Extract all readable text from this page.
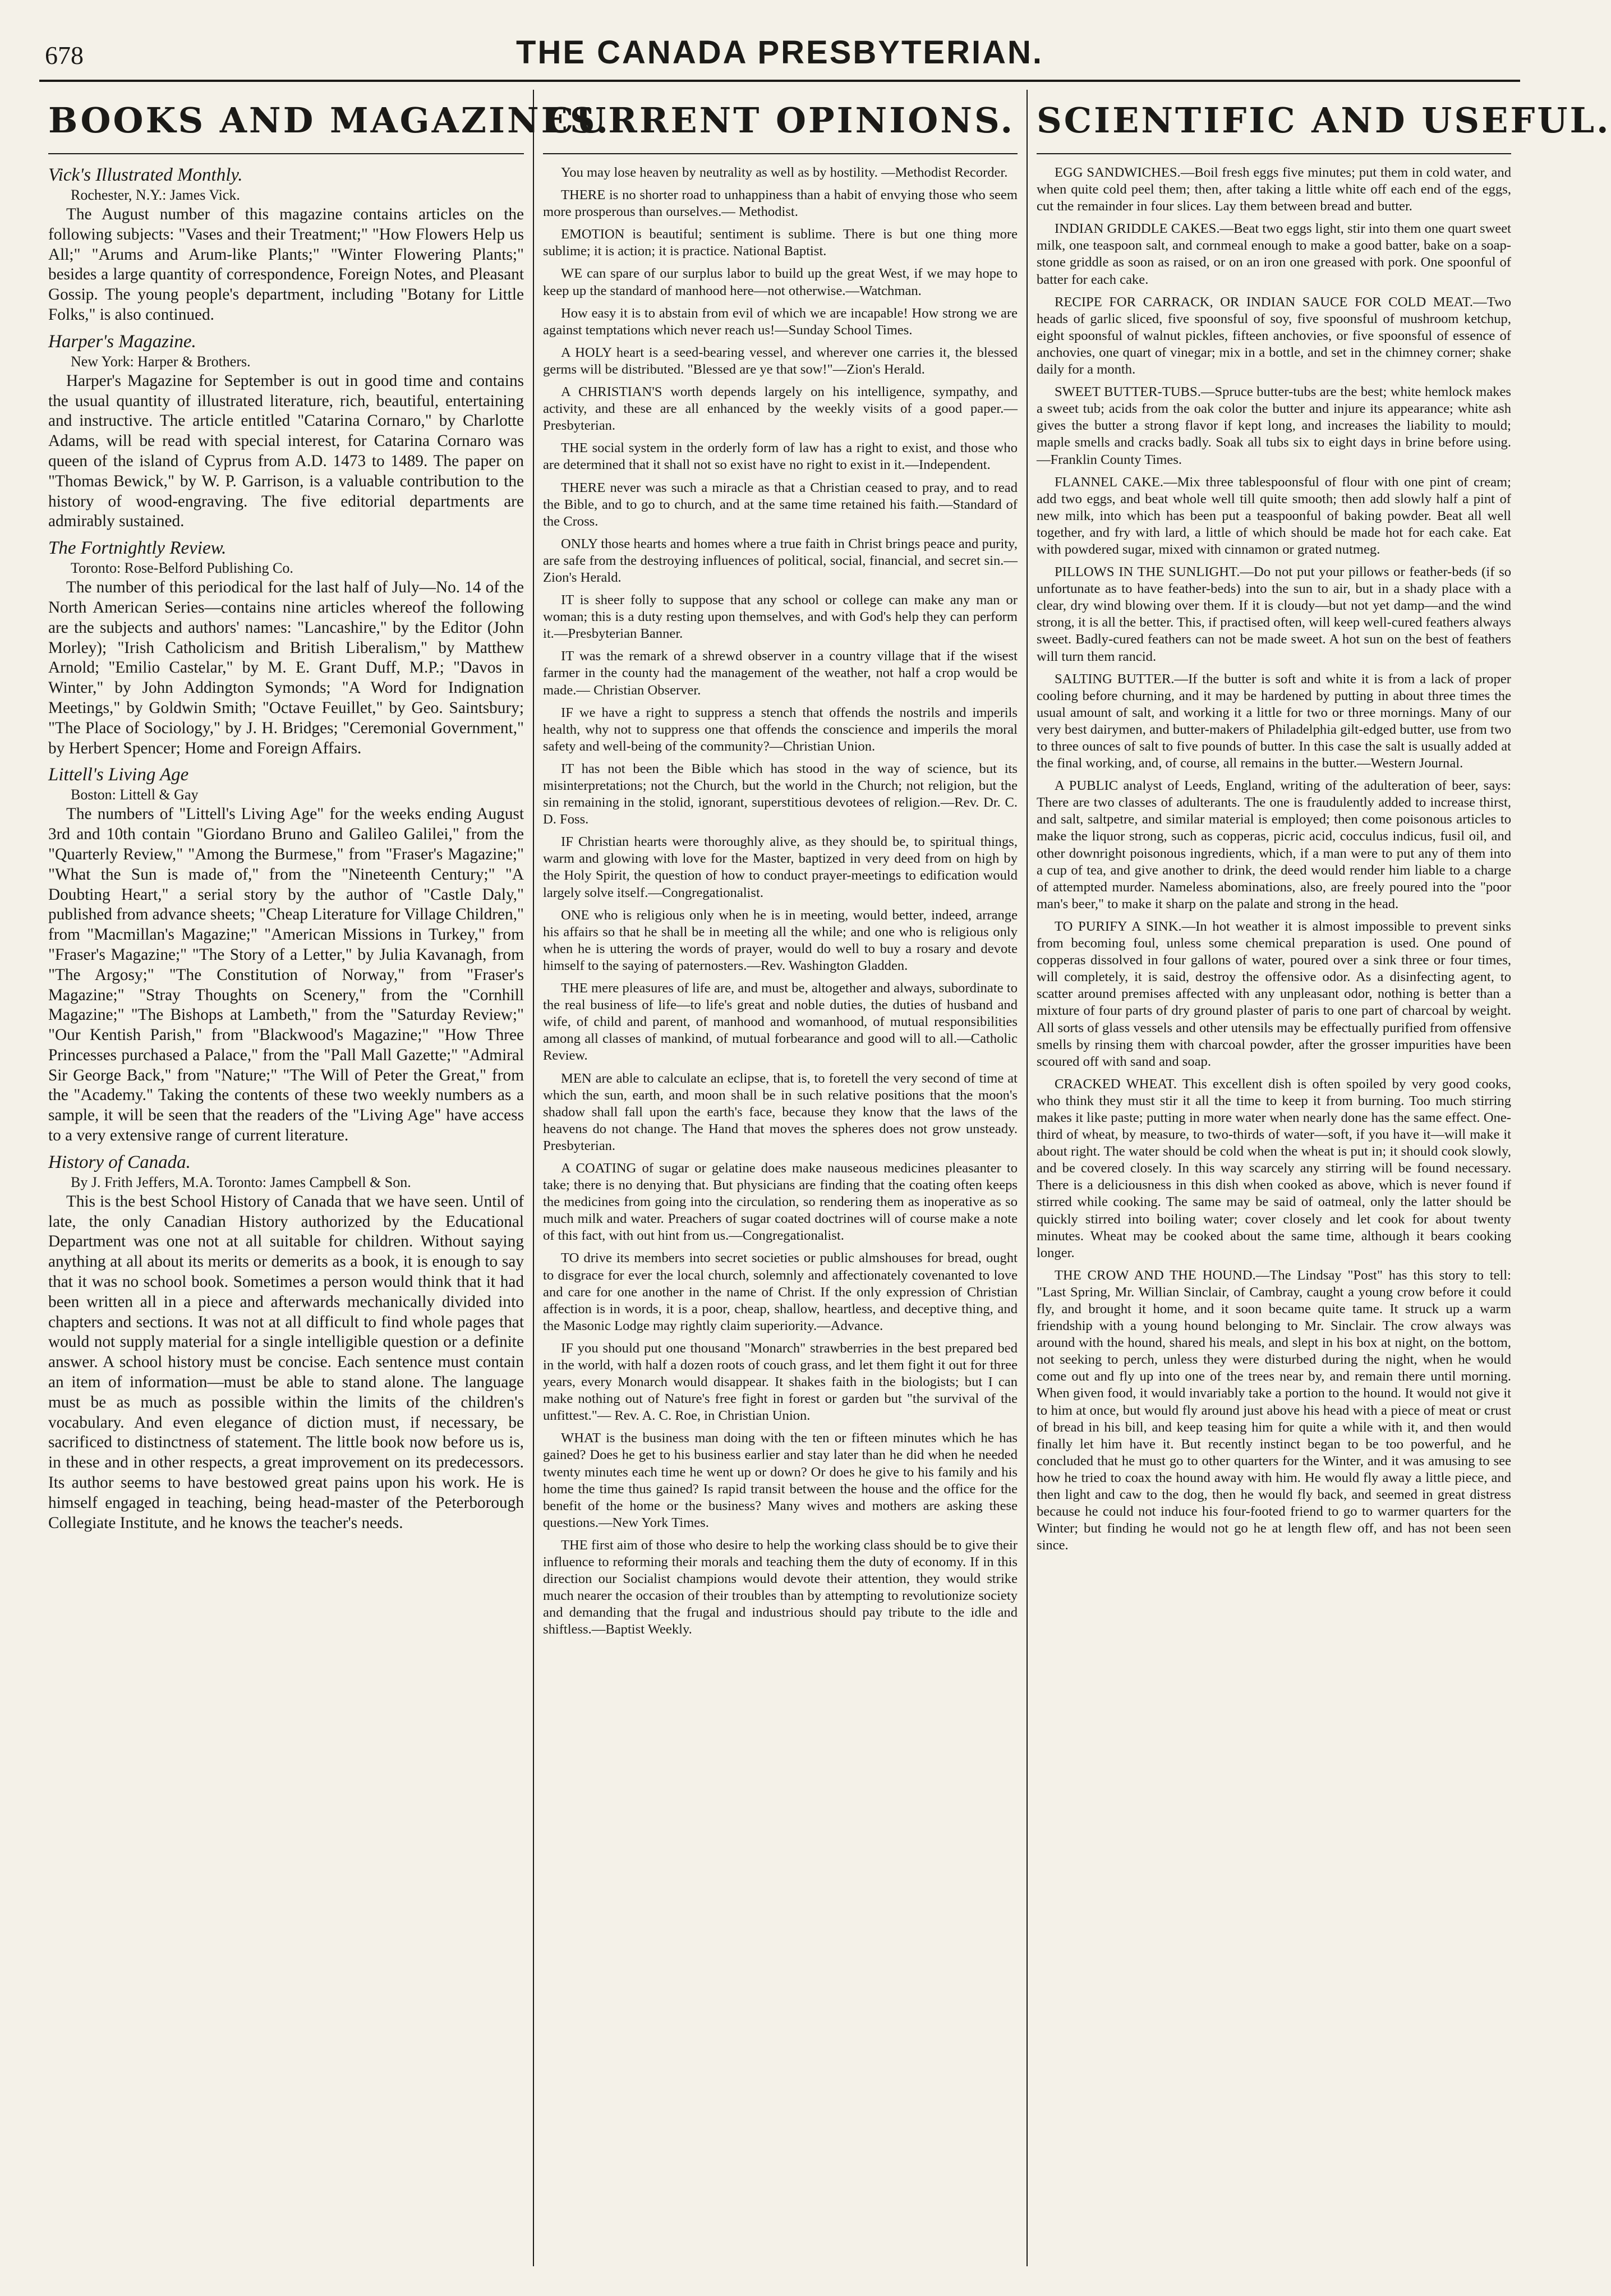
678	THE CANADA PRESBYTERIAN.
BOOKS AND MAGAZINES.

Vick's Illustrated Monthly.

Rochester, N.Y.: James Vick.

The August number of this magazine contains articles on the following subjects: "Vases and their Treatment;" "How Flowers Help us All;" "Arums and Arum-like Plants;" "Winter Flowering Plants;" besides a large quantity of correspondence, Foreign Notes, and Pleasant Gossip. The young people's department, including "Botany for Little Folks," is also continued.

Harper's Magazine.

New York: Harper & Brothers.

Harper's Magazine for September is out in good time and contains the usual quantity of illustrated literature, rich, beautiful, entertaining and instructive. The article entitled "Catarina Cornaro," by Charlotte Adams, will be read with special interest, for Catarina Cornaro was queen of the island of Cyprus from A.D. 1473 to 1489. The paper on "Thomas Bewick," by W. P. Garrison, is a valuable contribution to the history of wood-engraving. The five editorial departments are admirably sustained.

The Fortnightly Review.

Toronto: Rose-Belford Publishing Co.

The number of this periodical for the last half of July—No. 14 of the North American Series—contains nine articles whereof the following are the subjects and authors' names: "Lancashire," by the Editor (John Morley); "Irish Catholicism and British Liberalism," by Matthew Arnold; "Emilio Castelar," by M. E. Grant Duff, M.P.; "Davos in Winter," by John Addington Symonds; "A Word for Indignation Meetings," by Goldwin Smith; "Octave Feuillet," by Geo. Saintsbury; "The Place of Sociology," by J. H. Bridges; "Ceremonial Government," by Herbert Spencer; Home and Foreign Affairs.

Littell's Living Age

Boston: Littell & Gay

The numbers of "Littell's Living Age" for the weeks ending August 3rd and 10th contain "Giordano Bruno and Galileo Galilei," from the "Quarterly Review," "Among the Burmese," from "Fraser's Magazine;" "What the Sun is made of," from the "Nineteenth Century;" "A Doubting Heart," a serial story by the author of "Castle Daly," published from advance sheets; "Cheap Literature for Village Children," from "Macmillan's Magazine;" "American Missions in Turkey," from "Fraser's Magazine;" "The Story of a Letter," by Julia Kavanagh, from "The Argosy;" "The Constitution of Norway," from "Fraser's Magazine;" "Stray Thoughts on Scenery," from the "Cornhill Magazine;" "The Bishops at Lambeth," from the "Saturday Review;" "Our Kentish Parish," from "Blackwood's Magazine;" "How Three Princesses purchased a Palace," from the "Pall Mall Gazette;" "Admiral Sir George Back," from "Nature;" "The Will of Peter the Great," from the "Academy." Taking the contents of these two weekly numbers as a sample, it will be seen that the readers of the "Living Age" have access to a very extensive range of current literature.

History of Canada.

By J. Frith Jeffers, M.A. Toronto: James Campbell & Son.

This is the best School History of Canada that we have seen. Until of late, the only Canadian History authorized by the Educational Department was one not at all suitable for children. Without saying anything at all about its merits or demerits as a book, it is enough to say that it was no school book. Sometimes a person would think that it had been written all in a piece and afterwards mechanically divided into chapters and sections. It was not at all difficult to find whole pages that would not supply material for a single intelligible question or a definite answer. A school history must be concise. Each sentence must contain an item of information—must be able to stand alone. The language must be as much as possible within the limits of the children's vocabulary. And even elegance of diction must, if necessary, be sacrificed to distinctness of statement. The little book now before us is, in these and in other respects, a great improvement on its predecessors. Its author seems to have bestowed great pains upon his work. He is himself engaged in teaching, being head-master of the Peterborough Collegiate Institute, and he knows the teacher's needs.

CURRENT OPINIONS.

You may lose heaven by neutrality as well as by hostility. —Methodist Recorder.

THERE is no shorter road to unhappiness than a habit of envying those who seem more prosperous than ourselves.— Methodist.

EMOTION is beautiful; sentiment is sublime. There is but one thing more sublime; it is action; it is practice. National Baptist.

WE can spare of our surplus labor to build up the great West, if we may hope to keep up the standard of manhood here—not otherwise.—Watchman.

How easy it is to abstain from evil of which we are incapable! How strong we are against temptations which never reach us!—Sunday School Times.

A HOLY heart is a seed-bearing vessel, and wherever one carries it, the blessed germs will be distributed. "Blessed are ye that sow!"—Zion's Herald.

A CHRISTIAN'S worth depends largely on his intelligence, sympathy, and activity, and these are all enhanced by the weekly visits of a good paper.—Presbyterian.

THE social system in the orderly form of law has a right to exist, and those who are determined that it shall not so exist have no right to exist in it.—Independent.

THERE never was such a miracle as that a Christian ceased to pray, and to read the Bible, and to go to church, and at the same time retained his faith.—Standard of the Cross.

ONLY those hearts and homes where a true faith in Christ brings peace and purity, are safe from the destroying influences of political, social, financial, and secret sin.—Zion's Herald.

IT is sheer folly to suppose that any school or college can make any man or woman; this is a duty resting upon themselves, and with God's help they can perform it.—Presbyterian Banner.

IT was the remark of a shrewd observer in a country village that if the wisest farmer in the county had the management of the weather, not half a crop would be made.— Christian Observer.

IF we have a right to suppress a stench that offends the nostrils and imperils health, why not to suppress one that offends the conscience and imperils the moral safety and well-being of the community?—Christian Union.

IT has not been the Bible which has stood in the way of science, but its misinterpretations; not the Church, but the world in the Church; not religion, but the sin remaining in the stolid, ignorant, superstitious devotees of religion.—Rev. Dr. C. D. Foss.

IF Christian hearts were thoroughly alive, as they should be, to spiritual things, warm and glowing with love for the Master, baptized in very deed from on high by the Holy Spirit, the question of how to conduct prayer-meetings to edification would largely solve itself.—Congregationalist.

ONE who is religious only when he is in meeting, would better, indeed, arrange his affairs so that he shall be in meeting all the while; and one who is religious only when he is uttering the words of prayer, would do well to buy a rosary and devote himself to the saying of paternosters.—Rev. Washington Gladden.

THE mere pleasures of life are, and must be, altogether and always, subordinate to the real business of life—to life's great and noble duties, the duties of husband and wife, of child and parent, of manhood and womanhood, of mutual responsibilities among all classes of mankind, of mutual forbearance and good will to all.—Catholic Review.

MEN are able to calculate an eclipse, that is, to foretell the very second of time at which the sun, earth, and moon shall be in such relative positions that the moon's shadow shall fall upon the earth's face, because they know that the laws of the heavens do not change. The Hand that moves the spheres does not grow unsteady. Presbyterian.

A COATING of sugar or gelatine does make nauseous medicines pleasanter to take; there is no denying that. But physicians are finding that the coating often keeps the medicines from going into the circulation, so rendering them as inoperative as so much milk and water. Preachers of sugar coated doctrines will of course make a note of this fact, with out hint from us.—Congregationalist.

TO drive its members into secret societies or public almshouses for bread, ought to disgrace for ever the local church, solemnly and affectionately covenanted to love and care for one another in the name of Christ. If the only expression of Christian affection is in words, it is a poor, cheap, shallow, heartless, and deceptive thing, and the Masonic Lodge may rightly claim superiority.—Advance.

IF you should put one thousand "Monarch" strawberries in the best prepared bed in the world, with half a dozen roots of couch grass, and let them fight it out for three years, every Monarch would disappear. It shakes faith in the biologists; but I can make nothing out of Nature's free fight in forest or garden but "the survival of the unfittest."— Rev. A. C. Roe, in Christian Union.

WHAT is the business man doing with the ten or fifteen minutes which he has gained? Does he get to his business earlier and stay later than he did when he needed twenty minutes each time he went up or down? Or does he give to his family and his home the time thus gained? Is rapid transit between the house and the office for the benefit of the home or the business? Many wives and mothers are asking these questions.—New York Times.

THE first aim of those who desire to help the working class should be to give their influence to reforming their morals and teaching them the duty of economy. If in this direction our Socialist champions would devote their attention, they would strike much nearer the occasion of their troubles than by attempting to revolutionize society and demanding that the frugal and industrious should pay tribute to the idle and shiftless.—Baptist Weekly.

SCIENTIFIC AND USEFUL.

EGG SANDWICHES.—Boil fresh eggs five minutes; put them in cold water, and when quite cold peel them; then, after taking a little white off each end of the eggs, cut the remainder in four slices. Lay them between bread and butter.

INDIAN GRIDDLE CAKES.—Beat two eggs light, stir into them one quart sweet milk, one teaspoon salt, and cornmeal enough to make a good batter, bake on a soap-stone griddle as soon as raised, or on an iron one greased with pork. One spoonful of batter for each cake.

RECIPE FOR CARRACK, OR INDIAN SAUCE FOR COLD MEAT.—Two heads of garlic sliced, five spoonsful of soy, five spoonsful of mushroom ketchup, eight spoonsful of walnut pickles, fifteen anchovies, or five spoonsful of essence of anchovies, one quart of vinegar; mix in a bottle, and set in the chimney corner; shake daily for a month.

SWEET BUTTER-TUBS.—Spruce butter-tubs are the best; white hemlock makes a sweet tub; acids from the oak color the butter and injure its appearance; white ash gives the butter a strong flavor if kept long, and increases the liability to mould; maple smells and cracks badly. Soak all tubs six to eight days in brine before using.—Franklin County Times.

FLANNEL CAKE.—Mix three tablespoonsful of flour with one pint of cream; add two eggs, and beat whole well till quite smooth; then add slowly half a pint of new milk, into which has been put a teaspoonful of baking powder. Beat all well together, and fry with lard, a little of which should be made hot for each cake. Eat with powdered sugar, mixed with cinnamon or grated nutmeg.

PILLOWS IN THE SUNLIGHT.—Do not put your pillows or feather-beds (if so unfortunate as to have feather-beds) into the sun to air, but in a shady place with a clear, dry wind blowing over them. If it is cloudy—but not yet damp—and the wind strong, it is all the better. This, if practised often, will keep well-cured feathers always sweet. Badly-cured feathers can not be made sweet. A hot sun on the best of feathers will turn them rancid.

SALTING BUTTER.—If the butter is soft and white it is from a lack of proper cooling before churning, and it may be hardened by putting in about three times the usual amount of salt, and working it a little for two or three mornings. Many of our very best dairymen, and butter-makers of Philadelphia gilt-edged butter, use from two to three ounces of salt to five pounds of butter. In this case the salt is usually added at the final working, and, of course, all remains in the butter.—Western Journal.

A PUBLIC analyst of Leeds, England, writing of the adulteration of beer, says: There are two classes of adulterants. The one is fraudulently added to increase thirst, and salt, saltpetre, and similar material is employed; then come poisonous articles to make the liquor strong, such as copperas, picric acid, cocculus indicus, fusil oil, and other downright poisonous ingredients, which, if a man were to put any of them into a cup of tea, and give another to drink, the deed would render him liable to a charge of attempted murder. Nameless abominations, also, are freely poured into the "poor man's beer," to make it sharp on the palate and strong in the head.

TO PURIFY A SINK.—In hot weather it is almost impossible to prevent sinks from becoming foul, unless some chemical preparation is used. One pound of copperas dissolved in four gallons of water, poured over a sink three or four times, will completely, it is said, destroy the offensive odor. As a disinfecting agent, to scatter around premises affected with any unpleasant odor, nothing is better than a mixture of four parts of dry ground plaster of paris to one part of charcoal by weight. All sorts of glass vessels and other utensils may be effectually purified from offensive smells by rinsing them with charcoal powder, after the grosser impurities have been scoured off with sand and soap.

CRACKED WHEAT. This excellent dish is often spoiled by very good cooks, who think they must stir it all the time to keep it from burning. Too much stirring makes it like paste; putting in more water when nearly done has the same effect. One-third of wheat, by measure, to two-thirds of water—soft, if you have it—will make it about right. The water should be cold when the wheat is put in; it should cook slowly, and be covered closely. In this way scarcely any stirring will be found necessary. There is a deliciousness in this dish when cooked as above, which is never found if stirred while cooking. The same may be said of oatmeal, only the latter should be quickly stirred into boiling water; cover closely and let cook for about twenty minutes. Wheat may be cooked about the same time, although it bears cooking longer.

THE CROW AND THE HOUND.—The Lindsay "Post" has this story to tell: "Last Spring, Mr. Willian Sinclair, of Cambray, caught a young crow before it could fly, and brought it home, and it soon became quite tame. It struck up a warm friendship with a young hound belonging to Mr. Sinclair. The crow always was around with the hound, shared his meals, and slept in his box at night, on the bottom, not seeking to perch, unless they were disturbed during the night, when he would come out and fly up into one of the trees near by, and remain there until morning. When given food, it would invariably take a portion to the hound. It would not give it to him at once, but would fly around just above his head with a piece of meat or crust of bread in his bill, and keep teasing him for quite a while with it, and then would finally let him have it. But recently instinct began to be too powerful, and he concluded that he must go to other quarters for the Winter, and it was amusing to see how he tried to coax the hound away with him. He would fly away a little piece, and then light and caw to the dog, then he would fly back, and seemed in great distress because he could not induce his four-footed friend to go to warmer quarters for the Winter; but finding he would not go he at length flew off, and has not been seen since.
